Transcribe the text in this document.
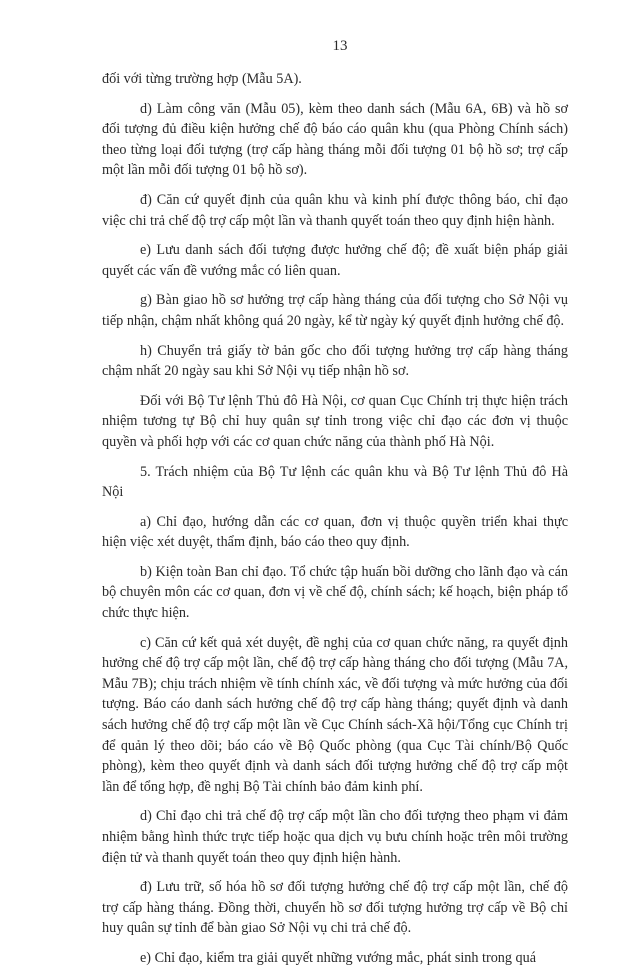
13

đối với từng trường hợp (Mẫu 5A).

d) Làm công văn (Mẫu 05), kèm theo danh sách (Mẫu 6A, 6B) và hồ sơ đối tượng đủ điều kiện hưởng chế độ báo cáo quân khu (qua Phòng Chính sách) theo từng loại đối tượng (trợ cấp hàng tháng mỗi đối tượng 01 bộ hồ sơ; trợ cấp một lần mỗi đối tượng 01 bộ hồ sơ).

đ) Căn cứ quyết định của quân khu và kinh phí được thông báo, chỉ đạo việc chi trả chế độ trợ cấp một lần và thanh quyết toán theo quy định hiện hành.

e) Lưu danh sách đối tượng được hưởng chế độ; đề xuất biện pháp giải quyết các vấn đề vướng mắc có liên quan.

g) Bàn giao hồ sơ hưởng trợ cấp hàng tháng của đối tượng cho Sở Nội vụ tiếp nhận, chậm nhất không quá 20 ngày, kể từ ngày ký quyết định hưởng chế độ.

h) Chuyển trả giấy tờ bản gốc cho đối tượng hưởng trợ cấp hàng tháng chậm nhất 20 ngày sau khi Sở Nội vụ tiếp nhận hồ sơ.

Đối với Bộ Tư lệnh Thủ đô Hà Nội, cơ quan Cục Chính trị thực hiện trách nhiệm tương tự Bộ chỉ huy quân sự tỉnh trong việc chỉ đạo các đơn vị thuộc quyền và phối hợp với các cơ quan chức năng của thành phố Hà Nội.

5. Trách nhiệm của Bộ Tư lệnh các quân khu và Bộ Tư lệnh Thủ đô Hà Nội

a) Chỉ đạo, hướng dẫn các cơ quan, đơn vị thuộc quyền triển khai thực hiện việc xét duyệt, thẩm định, báo cáo theo quy định.

b) Kiện toàn Ban chỉ đạo. Tổ chức tập huấn bồi dưỡng cho lãnh đạo và cán bộ chuyên môn các cơ quan, đơn vị về chế độ, chính sách; kế hoạch, biện pháp tổ chức thực hiện.

c) Căn cứ kết quả xét duyệt, đề nghị của cơ quan chức năng, ra quyết định hưởng chế độ trợ cấp một lần, chế độ trợ cấp hàng tháng cho đối tượng (Mẫu 7A, Mẫu 7B); chịu trách nhiệm về tính chính xác, về đối tượng và mức hưởng của đối tượng. Báo cáo danh sách hưởng chế độ trợ cấp hàng tháng; quyết định và danh sách hưởng chế độ trợ cấp một lần về Cục Chính sách-Xã hội/Tổng cục Chính trị để quản lý theo dõi; báo cáo về Bộ Quốc phòng (qua Cục Tài chính/Bộ Quốc phòng), kèm theo quyết định và danh sách đối tượng hưởng chế độ trợ cấp một lần để tổng hợp, đề nghị Bộ Tài chính bảo đảm kinh phí.

d) Chỉ đạo chi trả chế độ trợ cấp một lần cho đối tượng theo phạm vi đảm nhiệm bằng hình thức trực tiếp hoặc qua dịch vụ bưu chính hoặc trên môi trường điện tử và thanh quyết toán theo quy định hiện hành.

đ) Lưu trữ, số hóa hồ sơ đối tượng hưởng chế độ trợ cấp một lần, chế độ trợ cấp hàng tháng. Đồng thời, chuyển hồ sơ đối tượng hưởng trợ cấp về Bộ chỉ huy quân sự tỉnh để bàn giao Sở Nội vụ chi trả chế độ.

e) Chỉ đạo, kiểm tra giải quyết những vướng mắc, phát sinh trong quá
